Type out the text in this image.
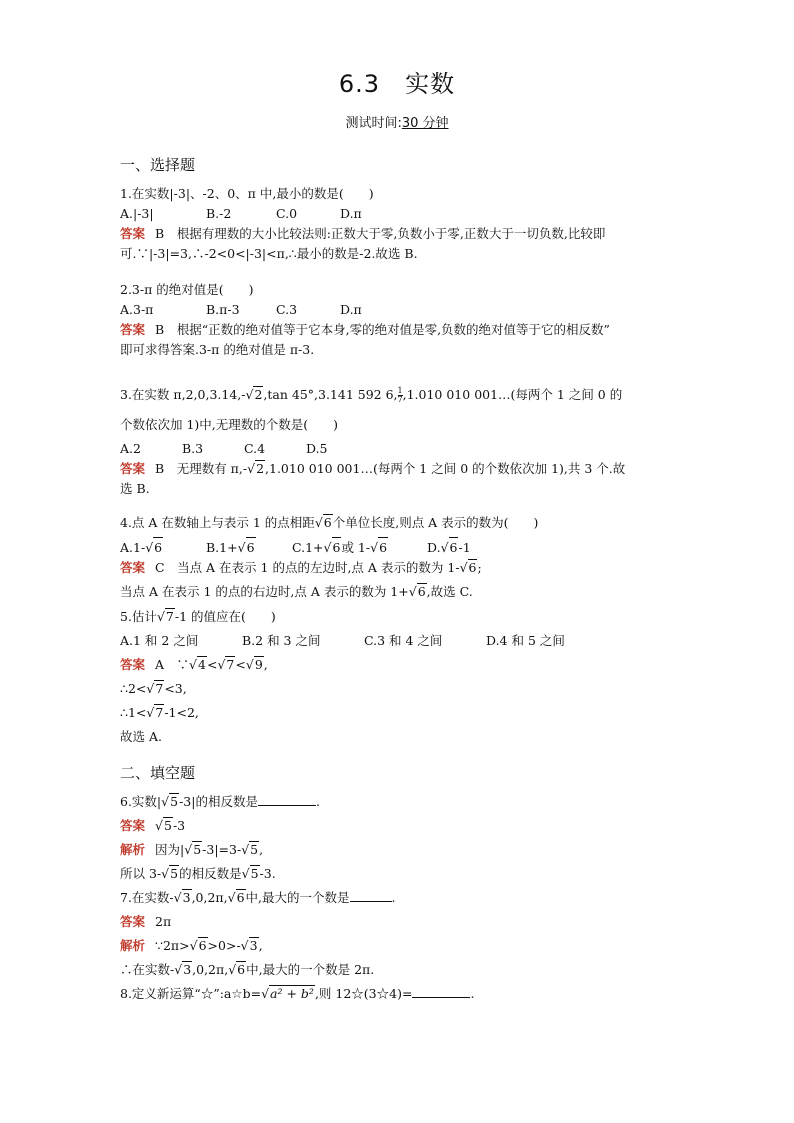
6.3　实数
测试时间:30 分钟

一、选择题

1.在实数|-3|、-2、0、π 中,最小的数是(　　)

A.|-3|	B.-2	C.0	D.π

答案 B　根据有理数的大小比较法则:正数大于零,负数小于零,正数大于一切负数,比较即

可.∵|-3|=3,∴-2<0<|-3|<π,∴最小的数是-2.故选 B.

2.3-π 的绝对值是(　　)

A.3-π	B.π-3	C.3	D.π

答案 B　根据“正数的绝对值等于它本身,零的绝对值是零,负数的绝对值等于它的相反数”

即可求得答案.3-π 的绝对值是 π-3.

3.在实数 π,2,0,3.14,-√2,tan 45°,3.141 592 6, $\frac{1}{7},1.010$ 010 001…(每两个 1 之间 0 的

个数依次加 1)中,无理数的个数是(　　)

A.2	B.3	C.4	D.5

答案 B　无理数有 π,-√2,1.010 010 001…(每两个 1 之间 0 的个数依次加 1),共 3 个.故

选 B.

4.点 A 在数轴上与表示 1 的点相距√6个单位长度,则点 A 表示的数为(　　)

A.1-√6	B.1+√6	C.1+√6或 1-√6	D.√6-1

答案 C　当点 A 在表示 1 的点的左边时,点 A 表示的数为 1-√6;

当点 A 在表示 1 的点的右边时,点 A 表示的数为 1+√6,故选 C.

5.估计√7-1 的值应在(　　)

A.1 和 2 之间	B.2 和 3 之间	C.3 和 4 之间	D.4 和 5 之间

答案 A　∵√4<√7<√9,

∴2<√7<3,

∴1<√7-1<2,

故选 A.

二、填空题

6.实数|√5-3|的相反数是	.

答案 √5-3

解析 因为|√5-3|=3-√5,

所以 3-√5的相反数是√5-3.

7.在实数-√3,0,2π,√6中,最大的一个数是	.

答案 2π

解析 ∵2π>√6>0>-√3,

∴在实数-√3,0,2π,√6中,最大的一个数是 2π.

8.定义新运算“☆”:a☆b=√a² + b²,则 12☆(3☆4)=	.
